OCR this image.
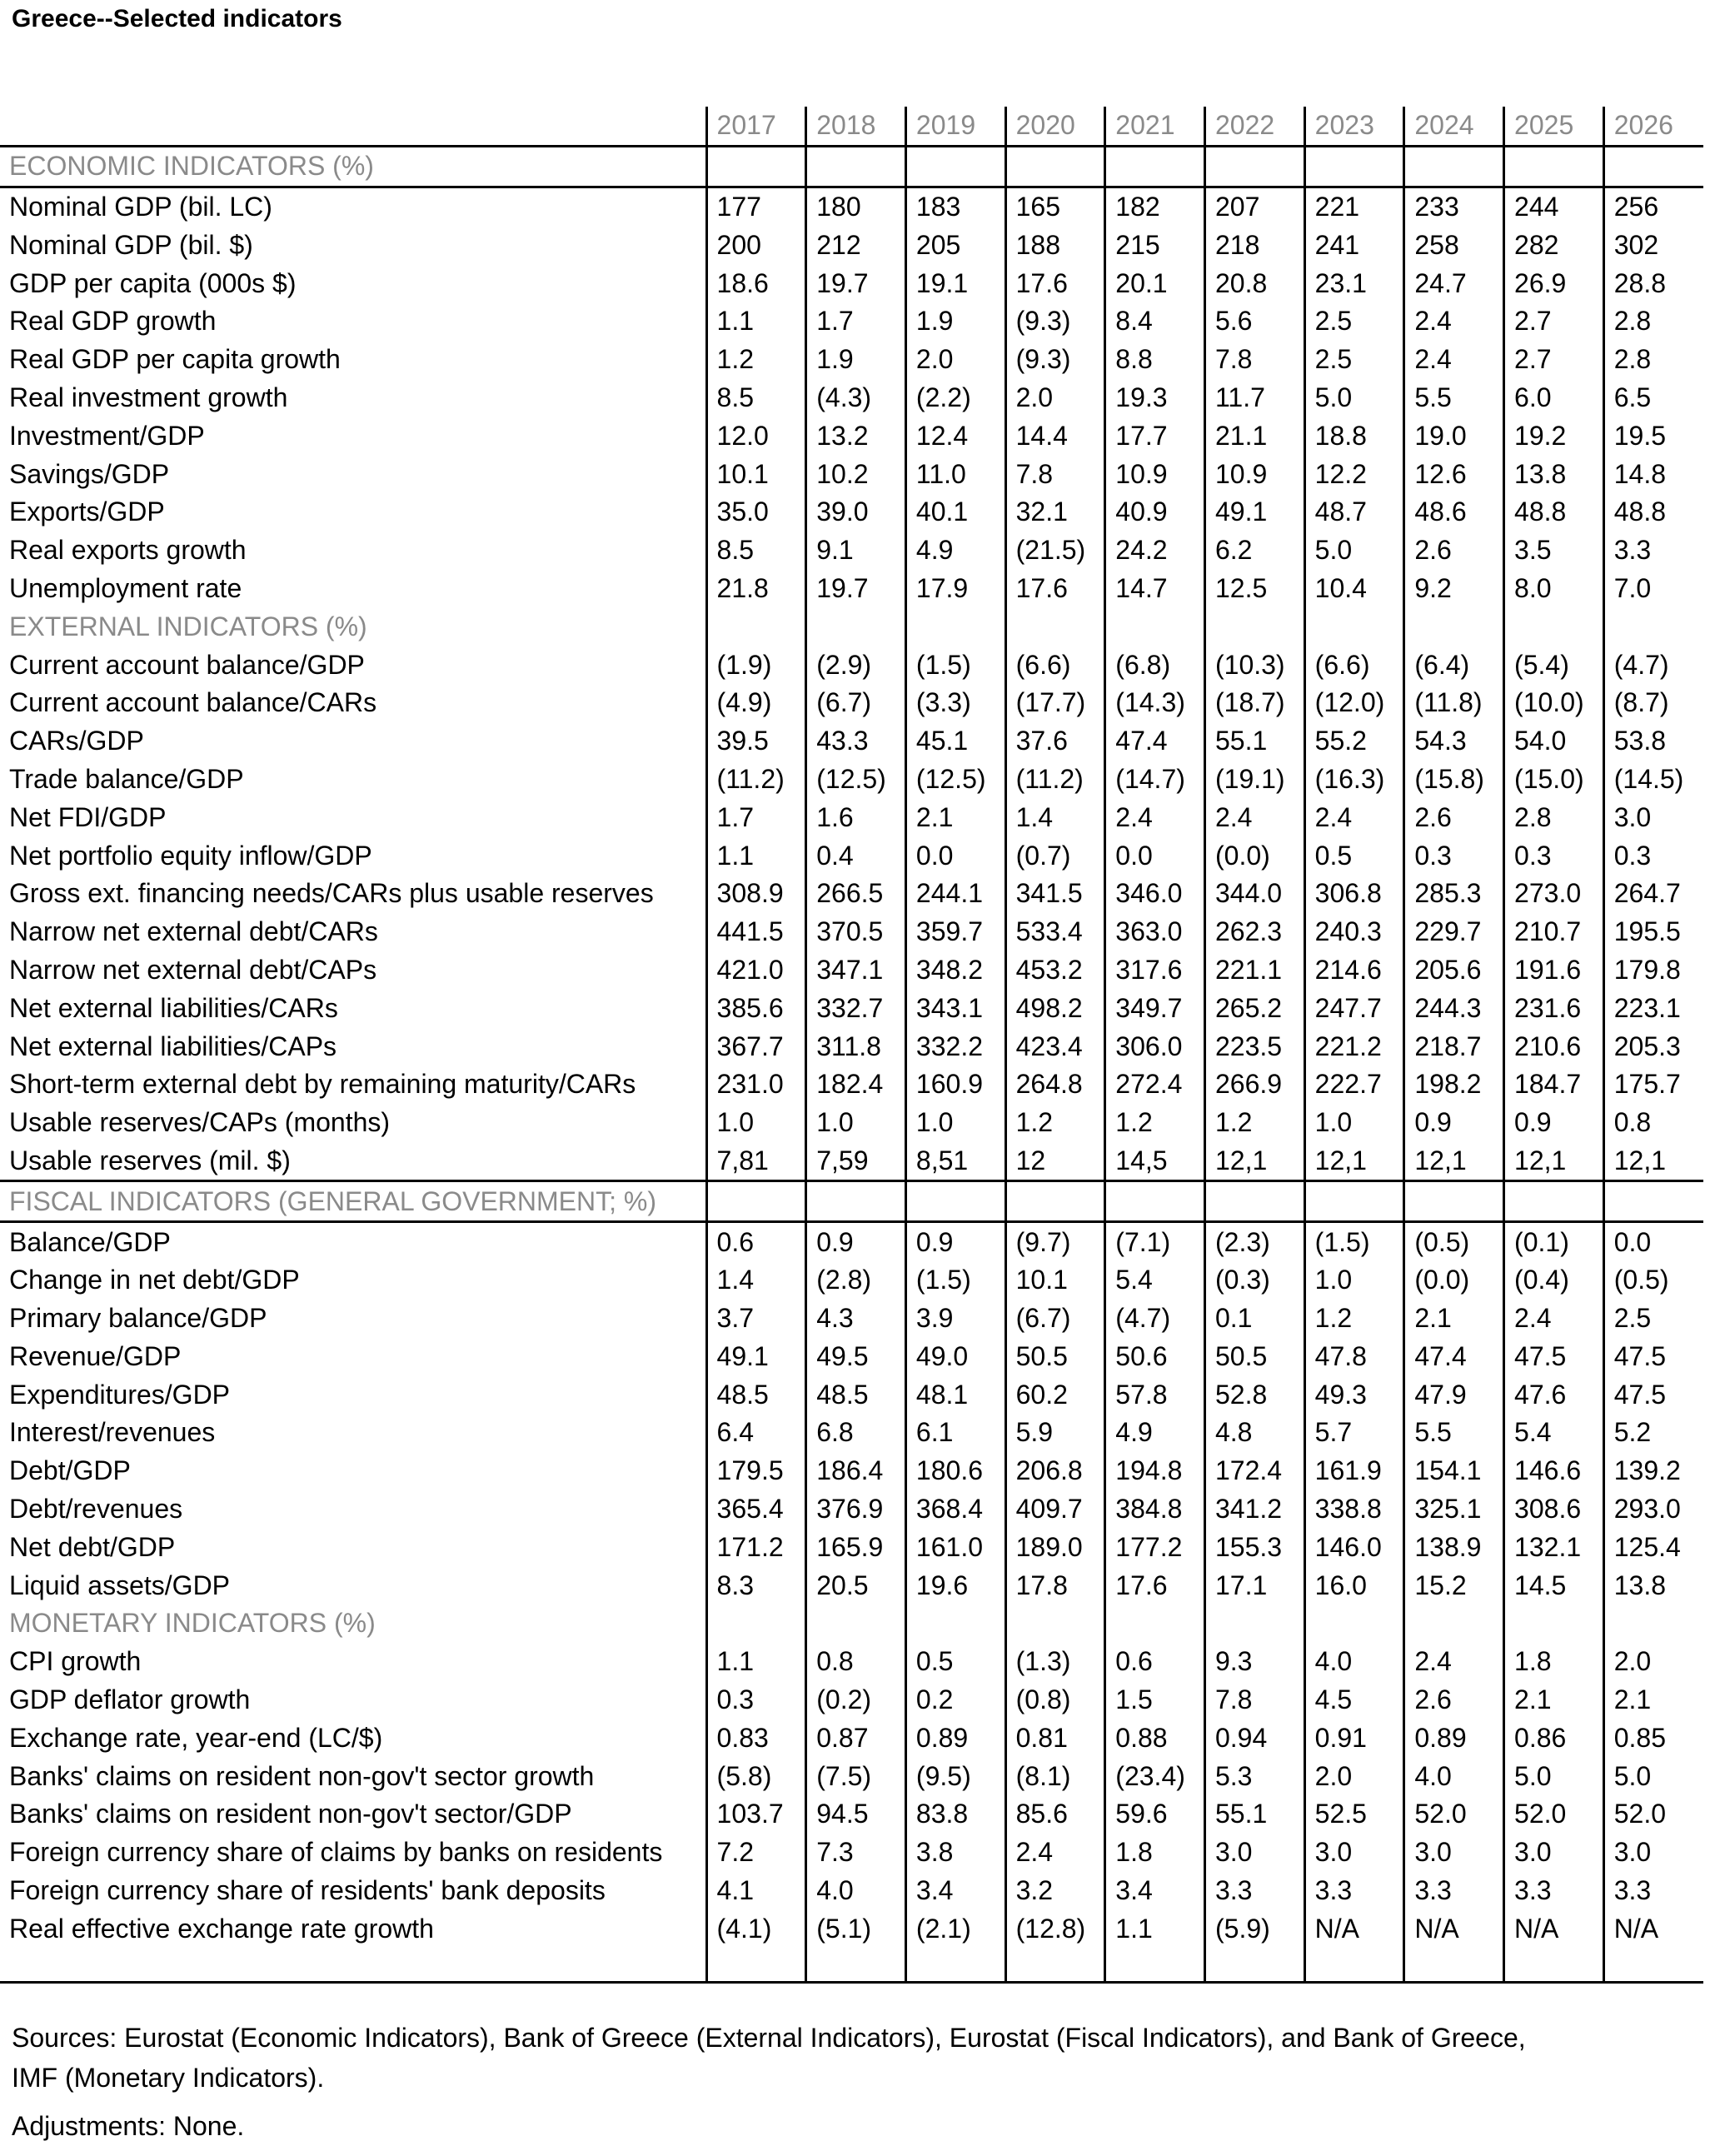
Greece--Selected indicators
	2017	2018	2019	2020	2021	2022	2023	2024	2025	2026
ECONOMIC INDICATORS (%)										
Nominal GDP (bil. LC)	177	180	183	165	182	207	221	233	244	256
Nominal GDP (bil. $)	200	212	205	188	215	218	241	258	282	302
GDP per capita (000s $)	18.6	19.7	19.1	17.6	20.1	20.8	23.1	24.7	26.9	28.8
Real GDP growth	1.1	1.7	1.9	(9.3)	8.4	5.6	2.5	2.4	2.7	2.8
Real GDP per capita growth	1.2	1.9	2.0	(9.3)	8.8	7.8	2.5	2.4	2.7	2.8
Real investment growth	8.5	(4.3)	(2.2)	2.0	19.3	11.7	5.0	5.5	6.0	6.5
Investment/GDP	12.0	13.2	12.4	14.4	17.7	21.1	18.8	19.0	19.2	19.5
Savings/GDP	10.1	10.2	11.0	7.8	10.9	10.9	12.2	12.6	13.8	14.8
Exports/GDP	35.0	39.0	40.1	32.1	40.9	49.1	48.7	48.6	48.8	48.8
Real exports growth	8.5	9.1	4.9	(21.5)	24.2	6.2	5.0	2.6	3.5	3.3
Unemployment rate	21.8	19.7	17.9	17.6	14.7	12.5	10.4	9.2	8.0	7.0
EXTERNAL INDICATORS (%)										
Current account balance/GDP	(1.9)	(2.9)	(1.5)	(6.6)	(6.8)	(10.3)	(6.6)	(6.4)	(5.4)	(4.7)
Current account balance/CARs	(4.9)	(6.7)	(3.3)	(17.7)	(14.3)	(18.7)	(12.0)	(11.8)	(10.0)	(8.7)
CARs/GDP	39.5	43.3	45.1	37.6	47.4	55.1	55.2	54.3	54.0	53.8
Trade balance/GDP	(11.2)	(12.5)	(12.5)	(11.2)	(14.7)	(19.1)	(16.3)	(15.8)	(15.0)	(14.5)
Net FDI/GDP	1.7	1.6	2.1	1.4	2.4	2.4	2.4	2.6	2.8	3.0
Net portfolio equity inflow/GDP	1.1	0.4	0.0	(0.7)	0.0	(0.0)	0.5	0.3	0.3	0.3
Gross ext. financing needs/CARs plus usable reserves	308.9	266.5	244.1	341.5	346.0	344.0	306.8	285.3	273.0	264.7
Narrow net external debt/CARs	441.5	370.5	359.7	533.4	363.0	262.3	240.3	229.7	210.7	195.5
Narrow net external debt/CAPs	421.0	347.1	348.2	453.2	317.6	221.1	214.6	205.6	191.6	179.8
Net external liabilities/CARs	385.6	332.7	343.1	498.2	349.7	265.2	247.7	244.3	231.6	223.1
Net external liabilities/CAPs	367.7	311.8	332.2	423.4	306.0	223.5	221.2	218.7	210.6	205.3
Short-term external debt by remaining maturity/CARs	231.0	182.4	160.9	264.8	272.4	266.9	222.7	198.2	184.7	175.7
Usable reserves/CAPs (months)	1.0	1.0	1.0	1.2	1.2	1.2	1.0	0.9	0.9	0.8
Usable reserves (mil. $)	7,81	7,59	8,51	12	14,5	12,1	12,1	12,1	12,1	12,1
FISCAL INDICATORS (GENERAL GOVERNMENT; %)										
Balance/GDP	0.6	0.9	0.9	(9.7)	(7.1)	(2.3)	(1.5)	(0.5)	(0.1)	0.0
Change in net debt/GDP	1.4	(2.8)	(1.5)	10.1	5.4	(0.3)	1.0	(0.0)	(0.4)	(0.5)
Primary balance/GDP	3.7	4.3	3.9	(6.7)	(4.7)	0.1	1.2	2.1	2.4	2.5
Revenue/GDP	49.1	49.5	49.0	50.5	50.6	50.5	47.8	47.4	47.5	47.5
Expenditures/GDP	48.5	48.5	48.1	60.2	57.8	52.8	49.3	47.9	47.6	47.5
Interest/revenues	6.4	6.8	6.1	5.9	4.9	4.8	5.7	5.5	5.4	5.2
Debt/GDP	179.5	186.4	180.6	206.8	194.8	172.4	161.9	154.1	146.6	139.2
Debt/revenues	365.4	376.9	368.4	409.7	384.8	341.2	338.8	325.1	308.6	293.0
Net debt/GDP	171.2	165.9	161.0	189.0	177.2	155.3	146.0	138.9	132.1	125.4
Liquid assets/GDP	8.3	20.5	19.6	17.8	17.6	17.1	16.0	15.2	14.5	13.8
MONETARY INDICATORS (%)										
CPI growth	1.1	0.8	0.5	(1.3)	0.6	9.3	4.0	2.4	1.8	2.0
GDP deflator growth	0.3	(0.2)	0.2	(0.8)	1.5	7.8	4.5	2.6	2.1	2.1
Exchange rate, year-end (LC/$)	0.83	0.87	0.89	0.81	0.88	0.94	0.91	0.89	0.86	0.85
Banks' claims on resident non-gov't sector growth	(5.8)	(7.5)	(9.5)	(8.1)	(23.4)	5.3	2.0	4.0	5.0	5.0
Banks' claims on resident non-gov't sector/GDP	103.7	94.5	83.8	85.6	59.6	55.1	52.5	52.0	52.0	52.0
Foreign currency share of claims by banks on residents	7.2	7.3	3.8	2.4	1.8	3.0	3.0	3.0	3.0	3.0
Foreign currency share of residents' bank deposits	4.1	4.0	3.4	3.2	3.4	3.3	3.3	3.3	3.3	3.3
Real effective exchange rate growth	(4.1)	(5.1)	(2.1)	(12.8)	1.1	(5.9)	N/A	N/A	N/A	N/A

Sources: Eurostat (Economic Indicators), Bank of Greece (External Indicators), Eurostat (Fiscal Indicators), and Bank of Greece, IMF (Monetary Indicators).

Adjustments: None.
